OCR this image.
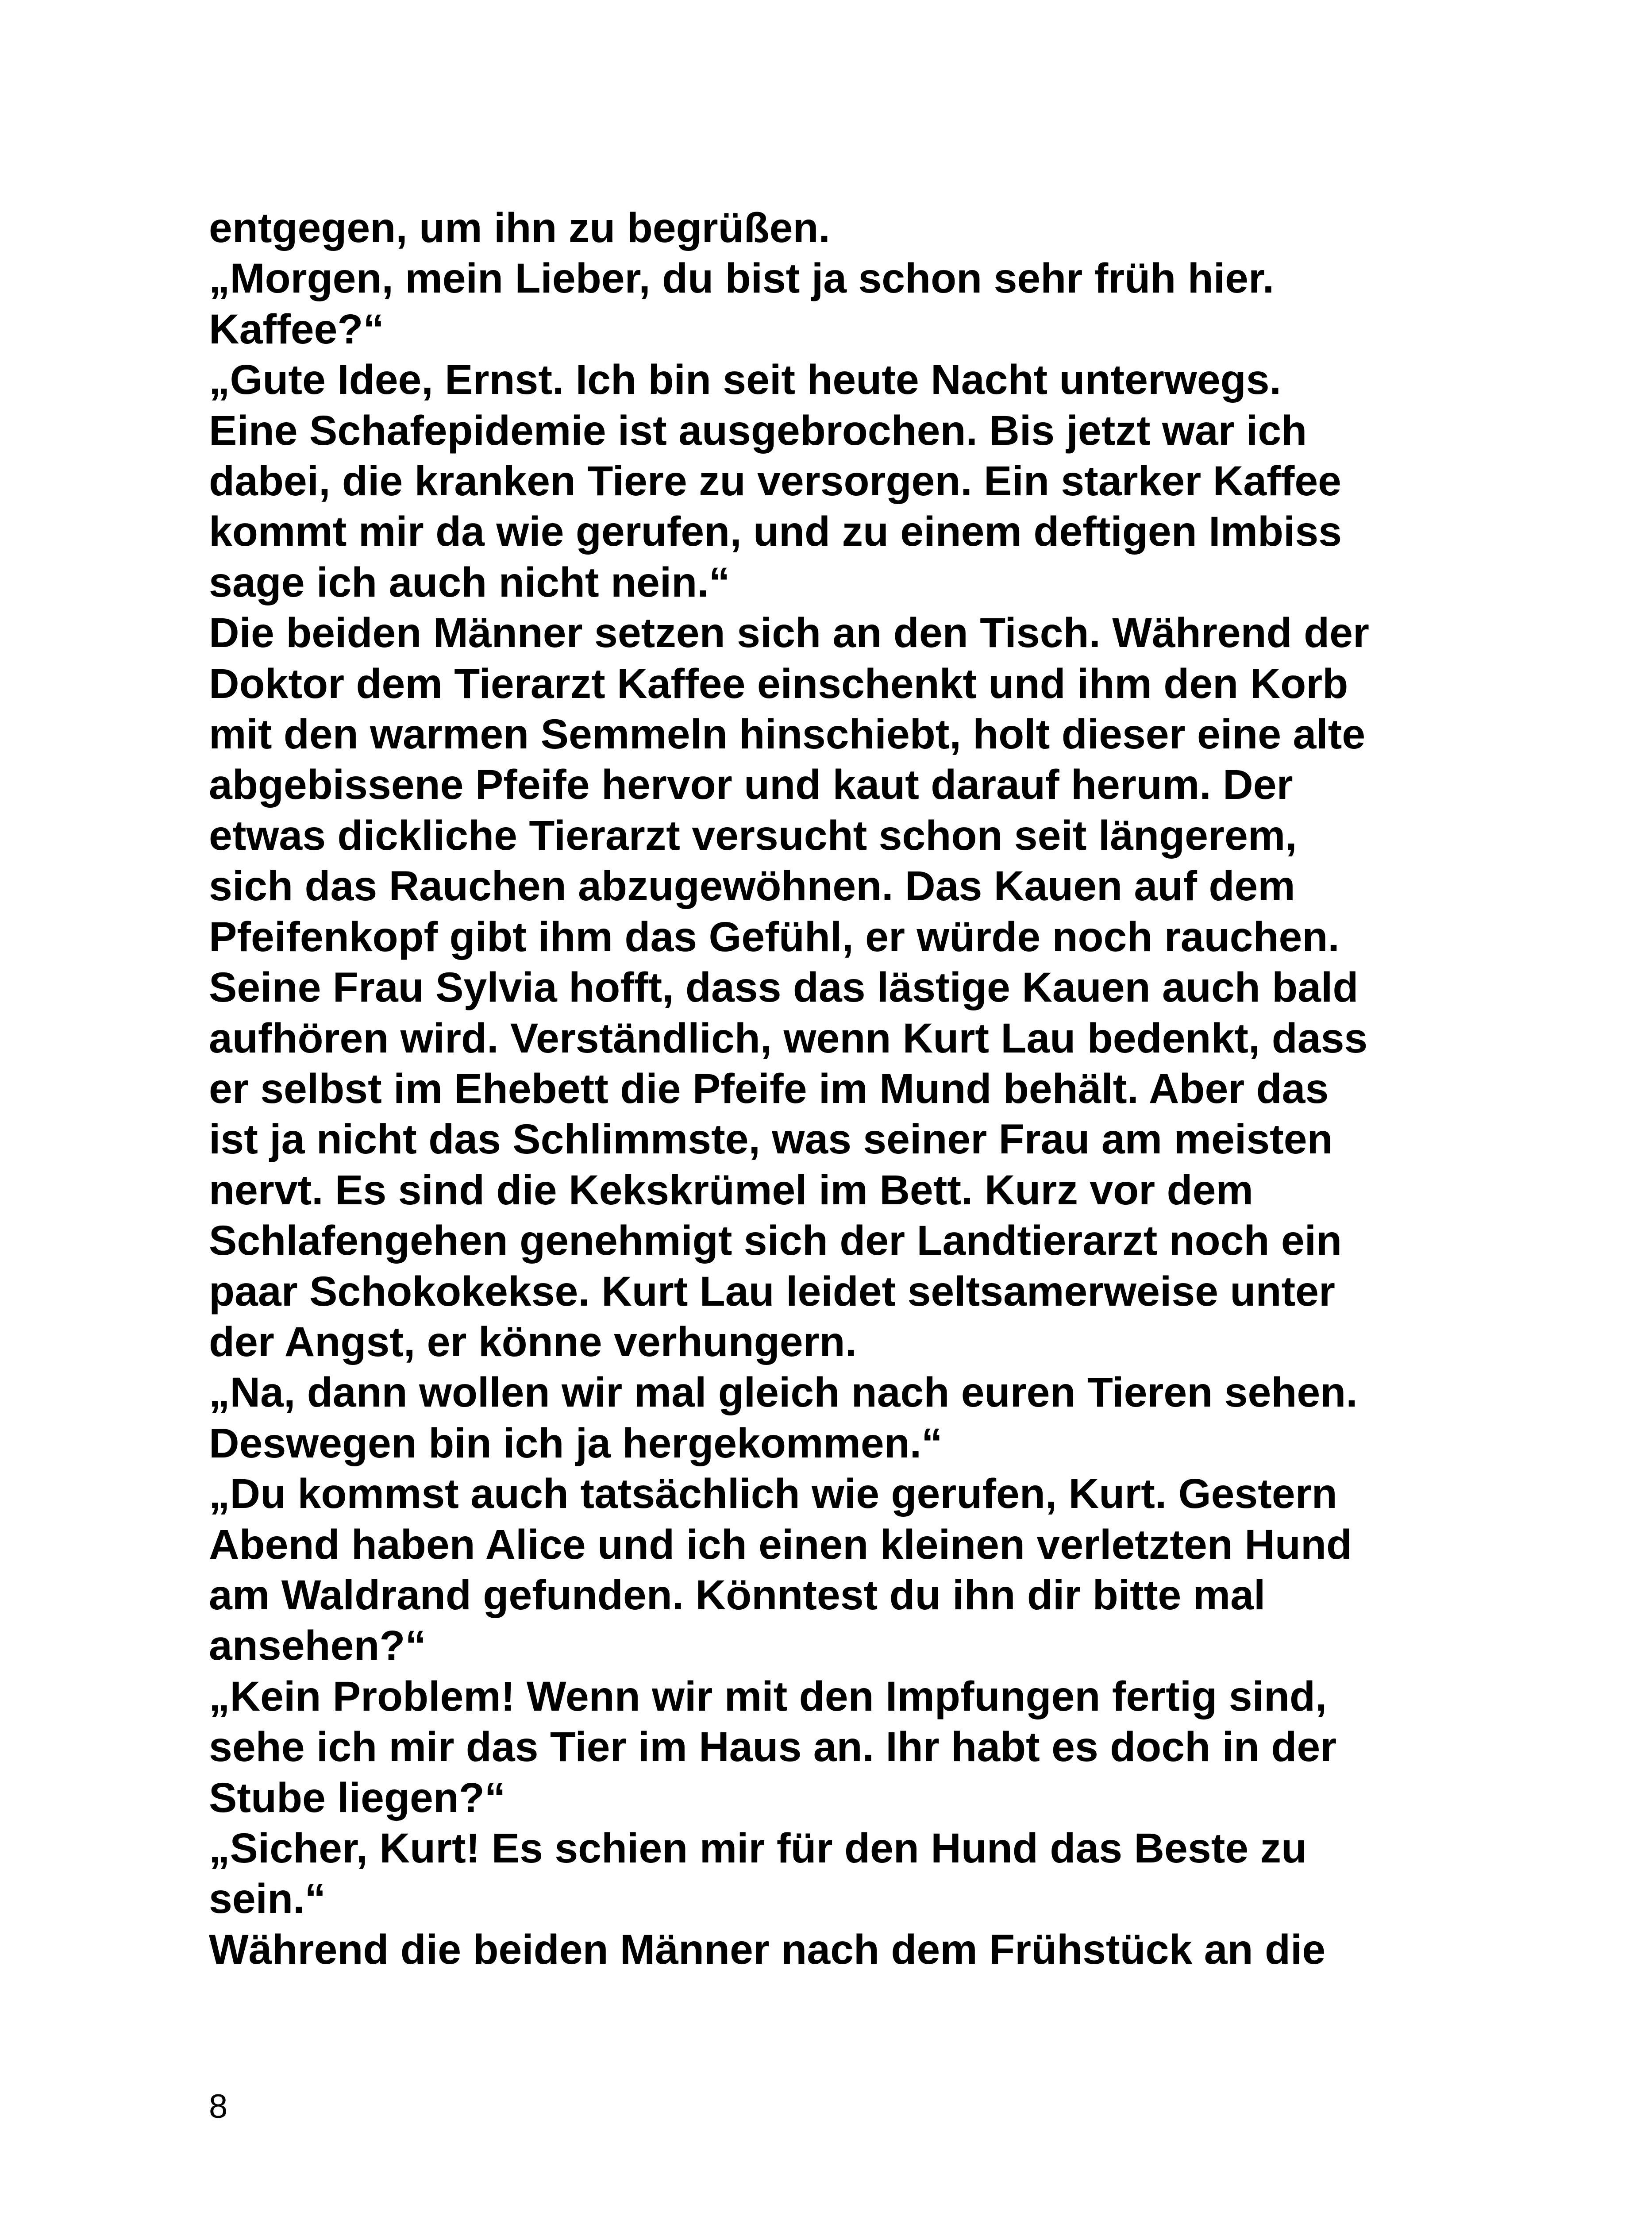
entgegen, um ihn zu begrüßen.
„Morgen, mein Lieber, du bist ja schon sehr früh hier.
Kaffee?“
„Gute Idee, Ernst. Ich bin seit heute Nacht unterwegs.
Eine Schafepidemie ist ausgebrochen. Bis jetzt war ich
dabei, die kranken Tiere zu versorgen. Ein starker Kaffee
kommt mir da wie gerufen, und zu einem deftigen Imbiss
sage ich auch nicht nein.“
Die beiden Männer setzen sich an den Tisch. Während der
Doktor dem Tierarzt Kaffee einschenkt und ihm den Korb
mit den warmen Semmeln hinschiebt, holt dieser eine alte
abgebissene Pfeife hervor und kaut darauf herum. Der
etwas dickliche Tierarzt versucht schon seit längerem,
sich das Rauchen abzugewöhnen. Das Kauen auf dem
Pfeifenkopf gibt ihm das Gefühl, er würde noch rauchen.
Seine Frau Sylvia hofft, dass das lästige Kauen auch bald
aufhören wird. Verständlich, wenn Kurt Lau bedenkt, dass
er selbst im Ehebett die Pfeife im Mund behält. Aber das
ist ja nicht das Schlimmste, was seiner Frau am meisten
nervt. Es sind die Kekskrümel im Bett. Kurz vor dem
Schlafengehen genehmigt sich der Landtierarzt noch ein
paar Schokokekse. Kurt Lau leidet seltsamerweise unter
der Angst, er könne verhungern.
„Na, dann wollen wir mal gleich nach euren Tieren sehen.
Deswegen bin ich ja hergekommen.“
„Du kommst auch tatsächlich wie gerufen, Kurt. Gestern
Abend haben Alice und ich einen kleinen verletzten Hund
am Waldrand gefunden. Könntest du ihn dir bitte mal
ansehen?“
„Kein Problem! Wenn wir mit den Impfungen fertig sind,
sehe ich mir das Tier im Haus an. Ihr habt es doch in der
Stube liegen?“
„Sicher, Kurt! Es schien mir für den Hund das Beste zu
sein.“
Während die beiden Männer nach dem Frühstück an die
8
